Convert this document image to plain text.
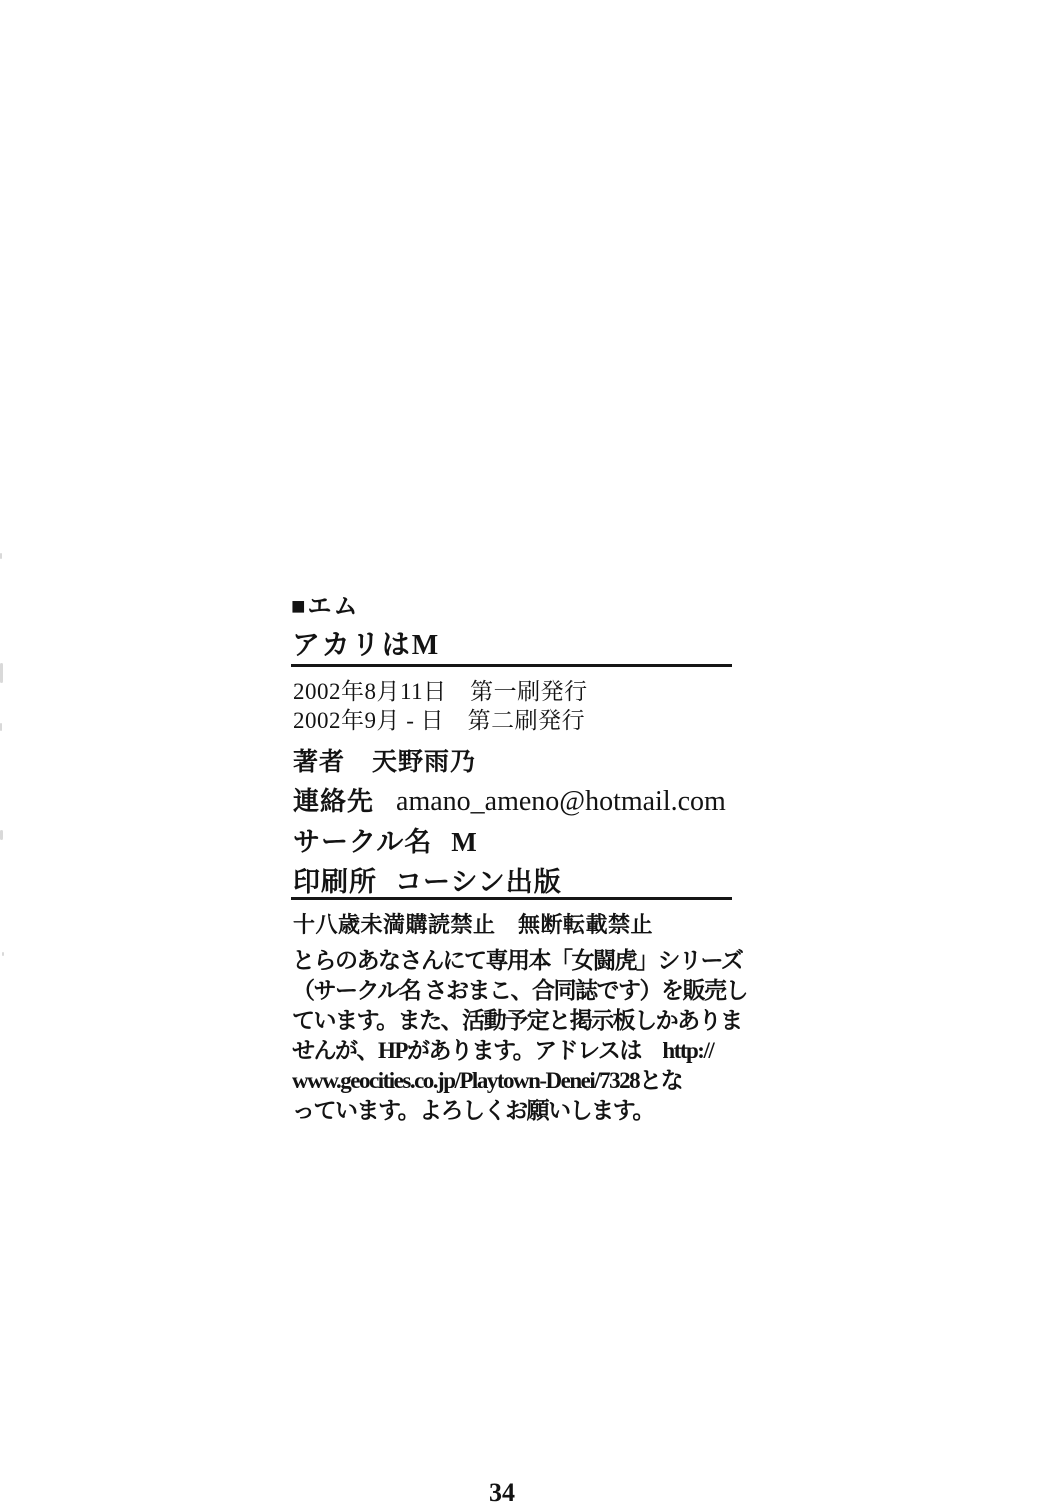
■エム
アカリはM
2002年8月11日　第一刷発行
2002年9月 - 日　第二刷発行
著者 天野雨乃
連絡先 amano_ameno@hotmail.com
サークル名 M
印刷所 コーシン出版
十八歳未満購読禁止　無断転載禁止
とらのあなさんにて専用本「女闘虎」シリーズ
（サークル名 さおまこ、合同誌です）を販売し
ています。また、活動予定と掲示板しかありま
せんが、HPがあります。アドレスは　http://
www.geocities.co.jp/Playtown-Denei/7328とな
っています。よろしくお願いします。
34
